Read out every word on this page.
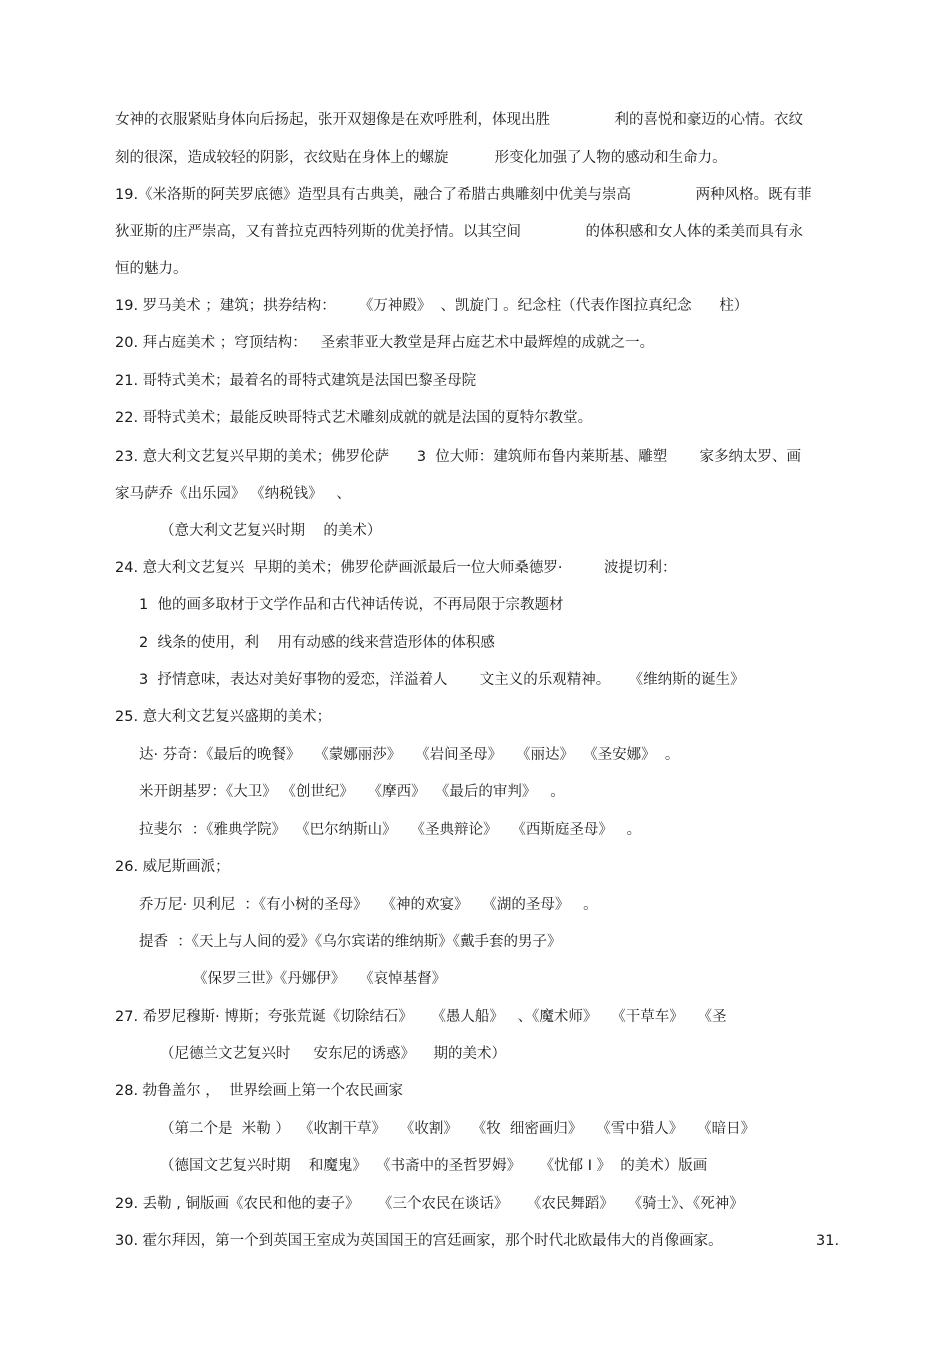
女神的衣服紧贴身体向后扬起，张开双翅像是在欢呼胜利，体现出胜              利的喜悦和豪迈的心情。衣纹
刻的很深，造成较轻的阴影，衣纹贴在身体上的螺旋          形变化加强了人物的感动和生命力。
19.《米洛斯的阿芙罗底德》造型具有古典美，融合了希腊古典雕刻中优美与崇高              两种风格。既有菲
狄亚斯的庄严崇高，又有普拉克西特列斯的优美抒情。以其空间              的体积感和女人体的柔美而具有永
恒的魅力。
19. 罗马美术 ；建筑；拱券结构：     《万神殿》  、凯旋门 。纪念柱（代表作图拉真纪念      柱）
20. 拜占庭美术 ；穹顶结构：   圣索菲亚大教堂是拜占庭艺术中最辉煌的成就之一。
21. 哥特式美术；最着名的哥特式建筑是法国巴黎圣母院
22. 哥特式美术；最能反映哥特式艺术雕刻成就的就是法国的夏特尔教堂。
23. 意大利文艺复兴早期的美术；佛罗伦萨      3  位大师：建筑师布鲁内莱斯基、雕塑       家多纳太罗、画
家马萨乔《出乐园》 《纳税钱》   、
（意大利文艺复兴时期    的美术）
24. 意大利文艺复兴  早期的美术；佛罗伦萨画派最后一位大师桑德罗·         波提切利：
1  他的画多取材于文学作品和古代神话传说，不再局限于宗教题材
2  线条的使用，利    用有动感的线来营造形体的体积感
3  抒情意味，表达对美好事物的爱恋，洋溢着人       文主义的乐观精神。    《维纳斯的诞生》
25. 意大利文艺复兴盛期的美术；
达· 芬奇：《最后的晚餐》   《蒙娜丽莎》   《岩间圣母》   《丽达》  《圣安娜》  。
米开朗基罗：《大卫》 《创世纪》   《摩西》  《最后的审判》   。
拉斐尔  ：《雅典学院》  《巴尔纳斯山》   《圣典辩论》   《西斯庭圣母》   。
26. 威尼斯画派；
乔万尼· 贝利尼  ：《有小树的圣母》   《神的欢宴》   《湖的圣母》   。
提香  ：《天上与人间的爱》《乌尔宾诺的维纳斯》《戴手套的男子》
《保罗三世》《丹娜伊》   《哀悼基督》
27. 希罗尼穆斯· 博斯；夸张荒诞《切除结石》    《愚人船》   、《魔术师》   《干草车》   《圣
（尼德兰文艺复兴时     安东尼的诱惑》    期的美术）
28. 勃鲁盖尔 ，  世界绘画上第一个农民画家
（第二个是  米勒 ）  《收割干草》   《收割》   《牧  细密画归》   《雪中猎人》   《暗日》
（德国文艺复兴时期    和魔鬼》  《书斋中的圣哲罗姆》    《忧郁 Ⅰ 》  的美术）版画
29. 丢勒 , 铜版画《农民和他的妻子》    《三个农民在谈话》    《农民舞蹈》   《骑士》、《死神》
30. 霍尔拜因，第一个到英国王室成为英国国王的宫廷画家，那个时代北欧最伟大的肖像画家。	31.
